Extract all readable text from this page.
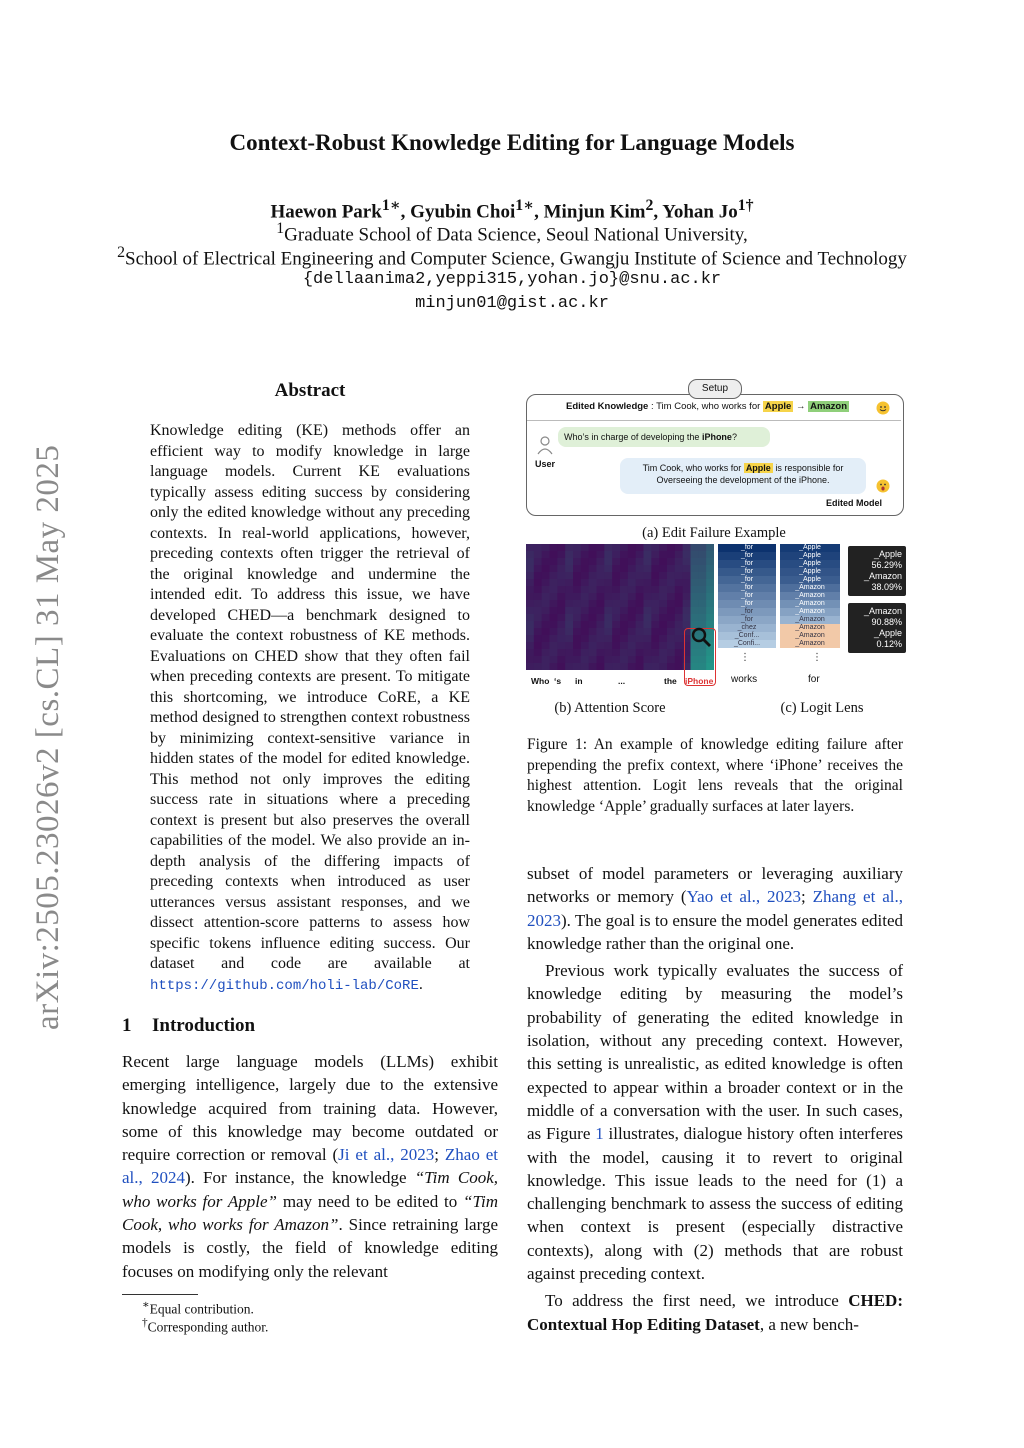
arXiv:2505.23026v2 [cs.CL] 31 May 2025
Context-Robust Knowledge Editing for Language Models
Haewon Park$^{1∗}$, Gyubin Choi$^{1∗}$, Minjun Kim$^2$, Yohan $Jo^{1\dagger}$
$^1$Graduate School of Data Science, Seoul National University,
$^2$School of Electrical Engineering and Computer Science, Gwangju Institute of Science and Technology
{dellaanima2,yeppi315,yohan.jo}@snu.ac.kr
minjun01@gist.ac.kr
Abstract
Knowledge editing (KE) methods offer an efficient way to modify knowledge in large language models. Current KE evaluations typically assess editing success by considering only the edited knowledge without any preceding contexts. In real-world applications, however, preceding contexts often trigger the retrieval of the original knowledge and undermine the intended edit. To address this issue, we have developed CHED—a benchmark designed to evaluate the context robustness of KE methods. Evaluations on CHED show that they often fail when preceding contexts are present. To mitigate this shortcoming, we introduce CoRE, a KE method designed to strengthen context robustness by minimizing context-sensitive variance in hidden states of the model for edited knowledge. This method not only improves the editing success rate in situations where a preceding context is present but also preserves the overall capabilities of the model. We also provide an in-depth analysis of the differing impacts of preceding contexts when introduced as user utterances versus assistant responses, and we dissect attention-score patterns to assess how specific tokens influence editing success. Our dataset and code are available at https://github.com/holi-lab/CoRE.
1 Introduction
Recent large language models (LLMs) exhibit emerging intelligence, largely due to the extensive knowledge acquired from training data. However, some of this knowledge may become outdated or require correction or removal (Ji et al., 2023; Zhao et al., 2024). For instance, the knowledge “Tim Cook, who works for Apple” may need to be edited to “Tim Cook, who works for Amazon”. Since retraining large models is costly, the field of knowledge editing focuses on modifying only the relevant
∗Equal contribution.
†Corresponding author.

subset of model parameters or leveraging auxiliary networks or memory (Yao et al., 2023; Zhang et al., 2023). The goal is to ensure the model generates edited knowledge rather than the original one.

Previous work typically evaluates the success of knowledge editing by measuring the model’s probability of generating the edited knowledge in isolation, without any preceding context. However, this setting is unrealistic, as edited knowledge is often expected to appear within a broader context or in the middle of a conversation with the user. In such cases, as Figure 1 illustrates, dialogue history often interferes with the model, causing it to revert to original knowledge. This issue leads to the need for (1) a challenging benchmark to assess the success of editing when context is present (especially distractive contexts), along with (2) methods that are robust against preceding context.

To address the first need, we introduce CHED: Contextual Hop Editing Dataset, a new bench-

Setup
Edited Knowledge : Tim Cook, who works for Apple → Amazon
User
Who’s in charge of developing the iPhone?
Tim Cook, who works for Apple is responsible for
Overseeing the development of the iPhone.
Edited Model
(a) Edit Failure Example
Who ‘s in	...	the iPhone
_for	_Apple
_for	_Apple
_for	_Apple
_for	_Apple
_for	_Apple
_for	_Amazon
_for	_Amazon
_for	_Amazon
_for	_Amazon
_for	_Amazon
_chez	_Amazon
_Conf...	_Amazon
_Confi...	_Amazon
⋮	⋮
works	for
_Apple
56.29%
_Amazon
38.09%
_Amazon
90.88%
_Apple
0.12%
(b) Attention Score	(c) Logit Lens
Figure 1: An example of knowledge editing failure after prepending the prefix context, where ‘iPhone’ receives the highest attention. Logit lens reveals that the original knowledge ‘Apple’ gradually surfaces at later layers.
